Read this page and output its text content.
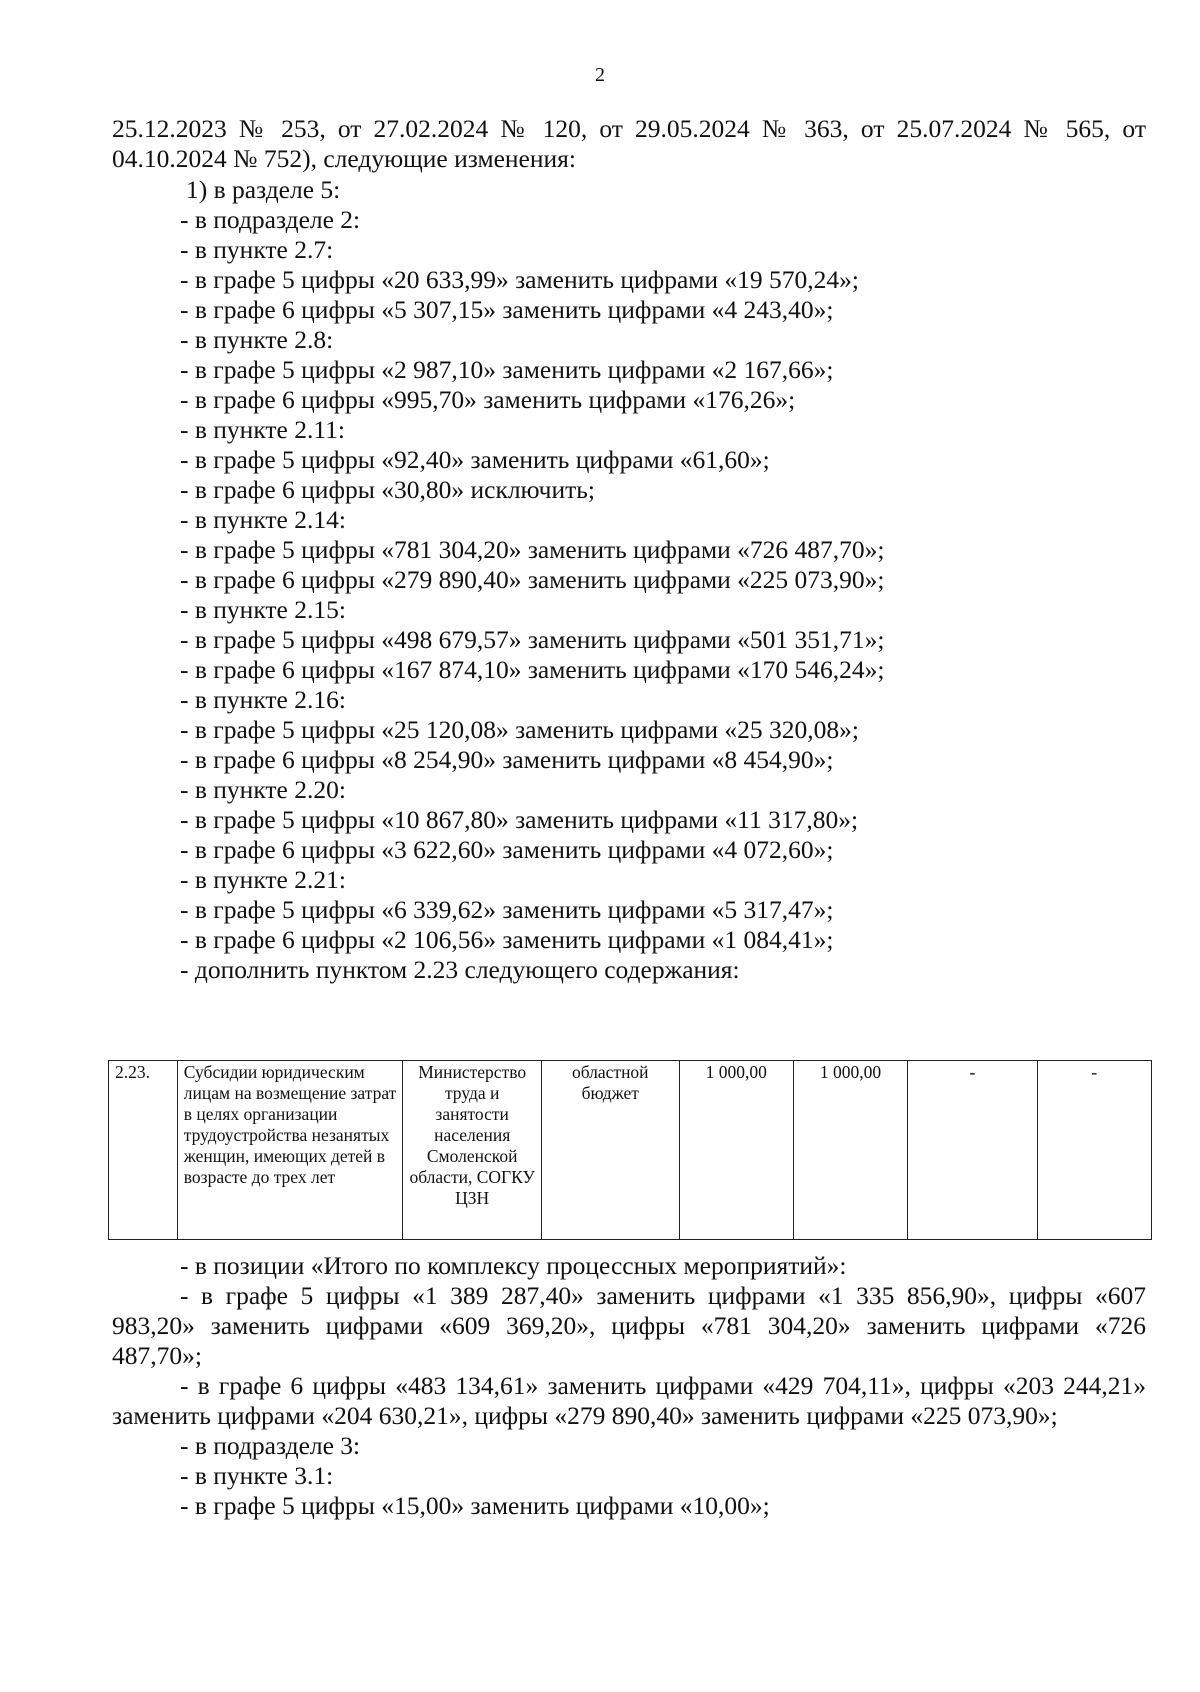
2
25.12.2023 № 253, от 27.02.2024 № 120, от 29.05.2024 № 363, от 25.07.2024 № 565, от 04.10.2024 № 752), следующие изменения:
1) в разделе 5:
- в подразделе 2:
- в пункте 2.7:
- в графе 5 цифры «20 633,99» заменить цифрами «19 570,24»;
- в графе 6 цифры «5 307,15» заменить цифрами «4 243,40»;
- в пункте 2.8:
- в графе 5 цифры «2 987,10» заменить цифрами «2 167,66»;
- в графе 6 цифры «995,70» заменить цифрами «176,26»;
- в пункте 2.11:
- в графе 5 цифры «92,40» заменить цифрами «61,60»;
- в графе 6 цифры «30,80» исключить;
- в пункте 2.14:
- в графе 5 цифры «781 304,20» заменить цифрами «726 487,70»;
- в графе 6 цифры «279 890,40» заменить цифрами «225 073,90»;
- в пункте 2.15:
- в графе 5 цифры «498 679,57» заменить цифрами «501 351,71»;
- в графе 6 цифры «167 874,10» заменить цифрами «170 546,24»;
- в пункте 2.16:
- в графе 5 цифры «25 120,08» заменить цифрами «25 320,08»;
- в графе 6 цифры «8 254,90» заменить цифрами «8 454,90»;
- в пункте 2.20:
- в графе 5 цифры «10 867,80» заменить цифрами «11 317,80»;
- в графе 6 цифры «3 622,60» заменить цифрами «4 072,60»;
- в пункте 2.21:
- в графе 5 цифры «6 339,62» заменить цифрами «5 317,47»;
- в графе 6 цифры «2 106,56» заменить цифрами «1 084,41»;
- дополнить пунктом 2.23 следующего содержания:
2.23.	Субсидии юридическим лицам на возмещение затрат в целях организации трудоустройства незанятых женщин, имеющих детей в возрасте до трех лет	Министерство труда и занятости населения Смоленской области, СОГКУ ЦЗН	областной бюджет	1 000,00	1 000,00	-	-
- в позиции «Итого по комплексу процессных мероприятий»:
- в графе 5 цифры «1 389 287,40» заменить цифрами «1 335 856,90», цифры «607 983,20» заменить цифрами «609 369,20», цифры «781 304,20» заменить цифрами «726 487,70»;
- в графе 6 цифры «483 134,61» заменить цифрами «429 704,11», цифры «203 244,21» заменить цифрами «204 630,21», цифры «279 890,40» заменить цифрами «225 073,90»;
- в подразделе 3:
- в пункте 3.1:
- в графе 5 цифры «15,00» заменить цифрами «10,00»;
